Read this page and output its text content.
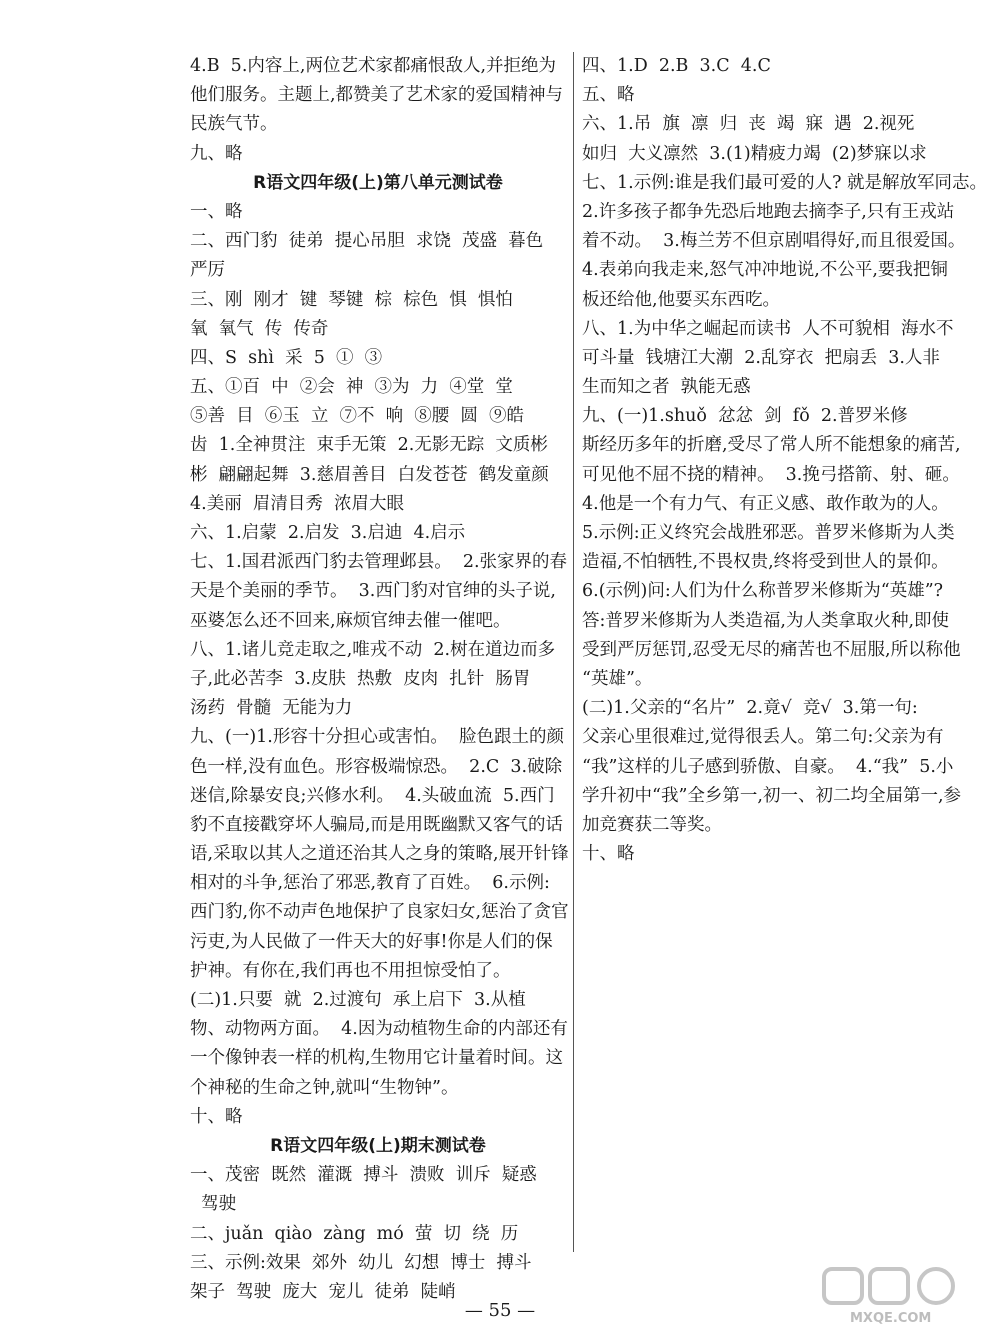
4.B  5.内容上,两位艺术家都痛恨敌人,并拒绝为
他们服务。主题上,都赞美了艺术家的爱国精神与
民族气节。
九、略
R语文四年级(上)第八单元测试卷
一、略
二、西门豹  徒弟  提心吊胆  求饶  茂盛  暮色
严厉
三、刚  刚才  键  琴键  棕  棕色  惧  惧怕
氧  氧气  传  传奇
四、S  shì  采  5  ①  ③
五、①百  中  ②会  神  ③为  力  ④堂  堂
⑤善  目  ⑥玉  立  ⑦不  响  ⑧腰  圆  ⑨皓
齿  1.全神贯注  束手无策  2.无影无踪  文质彬
彬  翩翩起舞  3.慈眉善目  白发苍苍  鹤发童颜
4.美丽  眉清目秀  浓眉大眼
六、1.启蒙  2.启发  3.启迪  4.启示
七、1.国君派西门豹去管理邺县。  2.张家界的春
天是个美丽的季节。  3.西门豹对官绅的头子说,
巫婆怎么还不回来,麻烦官绅去催一催吧。
八、1.诸儿竞走取之,唯戎不动  2.树在道边而多
子,此必苦李  3.皮肤  热敷  皮肉  扎针  肠胃
汤药  骨髓  无能为力
九、(一)1.形容十分担心或害怕。  脸色跟土的颜
色一样,没有血色。形容极端惊恐。  2.C  3.破除
迷信,除暴安良;兴修水利。  4.头破血流  5.西门
豹不直接戳穿坏人骗局,而是用既幽默又客气的话
语,采取以其人之道还治其人之身的策略,展开针锋
相对的斗争,惩治了邪恶,教育了百姓。  6.示例:
西门豹,你不动声色地保护了良家妇女,惩治了贪官
污吏,为人民做了一件天大的好事!你是人们的保
护神。有你在,我们再也不用担惊受怕了。
(二)1.只要  就  2.过渡句  承上启下  3.从植
物、动物两方面。  4.因为动植物生命的内部还有
一个像钟表一样的机构,生物用它计量着时间。这
个神秘的生命之钟,就叫“生物钟”。
十、略
R语文四年级(上)期末测试卷
一、茂密  既然  灌溉  搏斗  溃败  训斥  疑惑
驾驶
二、juǎn  qiào  zàng  mó  萤  切  绕  历
三、示例:效果  郊外  幼儿  幻想  博士  搏斗
架子  驾驶  庞大  宠儿  徒弟  陡峭
四、1.D  2.B  3.C  4.C
五、略
六、1.吊  旗  凛  归  丧  竭  寐  遇  2.视死
如归  大义凛然  3.(1)精疲力竭  (2)梦寐以求
七、1.示例:谁是我们最可爱的人? 就是解放军同志。
2.许多孩子都争先恐后地跑去摘李子,只有王戎站
着不动。  3.梅兰芳不但京剧唱得好,而且很爱国。
4.表弟向我走来,怒气冲冲地说,不公平,要我把铜
板还给他,他要买东西吃。
八、1.为中华之崛起而读书  人不可貌相  海水不
可斗量  钱塘江大潮  2.乱穿衣  把扇丢  3.人非
生而知之者  孰能无惑
九、(一)1.shuǒ  忿忿  剑  fǒ  2.普罗米修
斯经历多年的折磨,受尽了常人所不能想象的痛苦,
可见他不屈不挠的精神。  3.挽弓搭箭、射、砸。
4.他是一个有力气、有正义感、敢作敢为的人。
5.示例:正义终究会战胜邪恶。普罗米修斯为人类
造福,不怕牺牲,不畏权贵,终将受到世人的景仰。
6.(示例)问:人们为什么称普罗米修斯为“英雄”?
答:普罗米修斯为人类造福,为人类拿取火种,即使
受到严厉惩罚,忍受无尽的痛苦也不屈服,所以称他
“英雄”。
(二)1.父亲的“名片”  2.竟√  竞√  3.第一句:
父亲心里很难过,觉得很丢人。第二句:父亲为有
“我”这样的儿子感到骄傲、自豪。  4.“我”  5.小
学升初中“我”全乡第一,初一、初二均全届第一,参
加竞赛获二等奖。
十、略
— 55 —	MXQE.COM
